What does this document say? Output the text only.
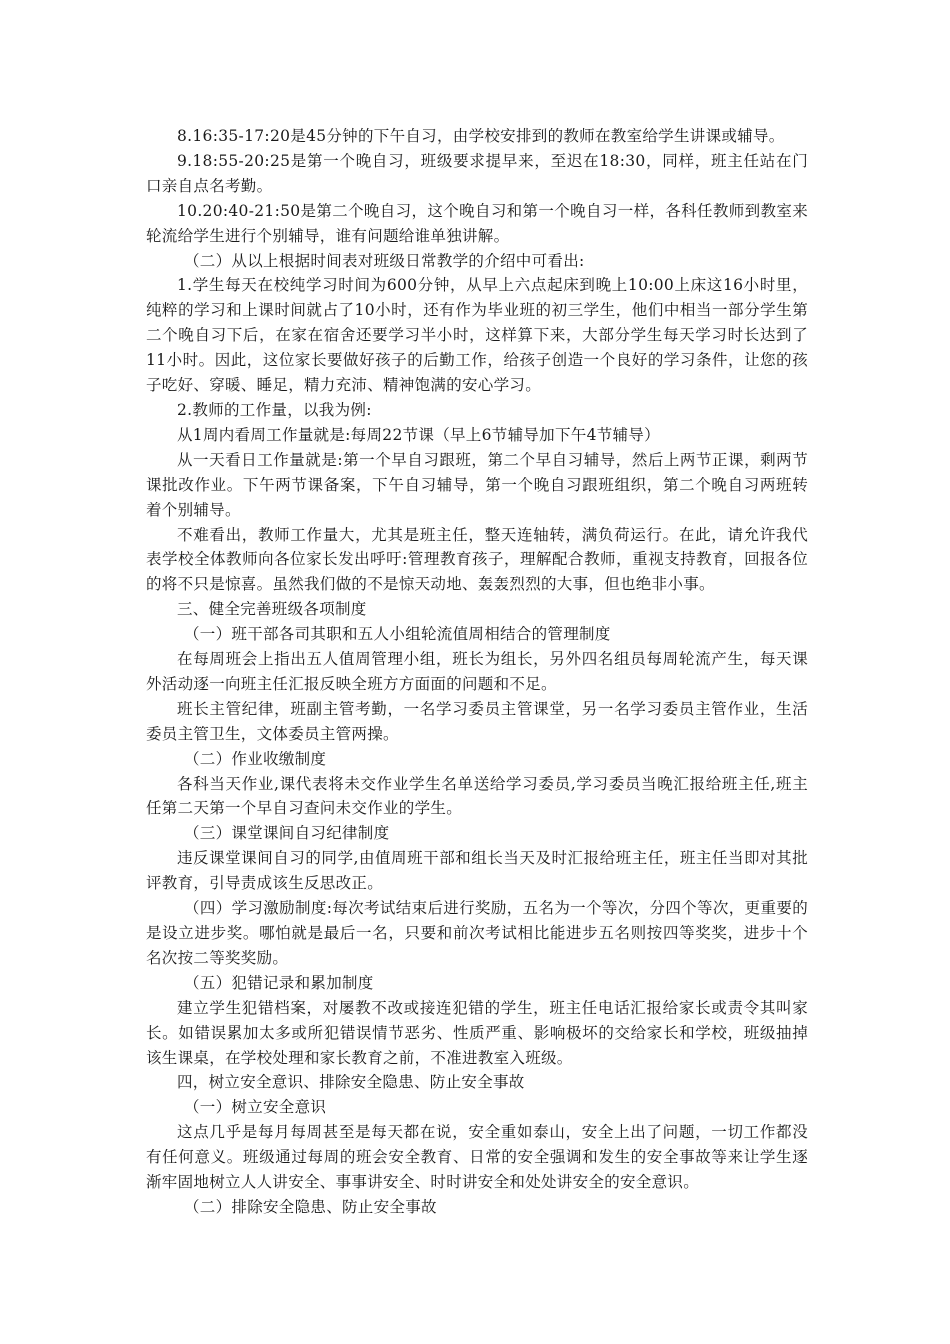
8.16:35-17:20是45分钟的下午自习，由学校安排到的教师在教室给学生讲课或辅导。

9.18:55-20:25是第一个晚自习，班级要求提早来，至迟在18:30，同样，班主任站在门口亲自点名考勤。

10.20:40-21:50是第二个晚自习，这个晚自习和第一个晚自习一样，各科任教师到教室来轮流给学生进行个别辅导，谁有问题给谁单独讲解。

（二）从以上根据时间表对班级日常教学的介绍中可看出:

1.学生每天在校纯学习时间为600分钟，从早上六点起床到晚上10:00上床这16小时里，纯粹的学习和上课时间就占了10小时，还有作为毕业班的初三学生，他们中相当一部分学生第二个晚自习下后，在家在宿舍还要学习半小时，这样算下来，大部分学生每天学习时长达到了11小时。因此，这位家长要做好孩子的后勤工作，给孩子创造一个良好的学习条件，让您的孩子吃好、穿暖、睡足，精力充沛、精神饱满的安心学习。

2.教师的工作量，以我为例:

从1周内看周工作量就是:每周22节课（早上6节辅导加下午4节辅导）

从一天看日工作量就是:第一个早自习跟班，第二个早自习辅导，然后上两节正课，剩两节课批改作业。下午两节课备案，下午自习辅导，第一个晚自习跟班组织，第二个晚自习两班转着个别辅导。

不难看出，教师工作量大，尤其是班主任，整天连轴转，满负荷运行。在此，请允许我代表学校全体教师向各位家长发出呼吁:管理教育孩子，理解配合教师，重视支持教育，回报各位的将不只是惊喜。虽然我们做的不是惊天动地、轰轰烈烈的大事，但也绝非小事。

三、健全完善班级各项制度

（一）班干部各司其职和五人小组轮流值周相结合的管理制度

在每周班会上指出五人值周管理小组，班长为组长，另外四名组员每周轮流产生，每天课外活动逐一向班主任汇报反映全班方方面面的问题和不足。

班长主管纪律，班副主管考勤，一名学习委员主管课堂，另一名学习委员主管作业，生活委员主管卫生，文体委员主管两操。

（二）作业收缴制度

各科当天作业,课代表将未交作业学生名单送给学习委员,学习委员当晚汇报给班主任,班主任第二天第一个早自习查问未交作业的学生。

（三）课堂课间自习纪律制度

违反课堂课间自习的同学,由值周班干部和组长当天及时汇报给班主任，班主任当即对其批评教育，引导责成该生反思改正。

（四）学习激励制度:每次考试结束后进行奖励，五名为一个等次，分四个等次，更重要的是设立进步奖。哪怕就是最后一名，只要和前次考试相比能进步五名则按四等奖奖，进步十个名次按二等奖奖励。

（五）犯错记录和累加制度

建立学生犯错档案，对屡教不改或接连犯错的学生，班主任电话汇报给家长或责令其叫家长。如错误累加太多或所犯错误情节恶劣、性质严重、影响极坏的交给家长和学校，班级抽掉该生课桌，在学校处理和家长教育之前，不准进教室入班级。

四，树立安全意识、排除安全隐患、防止安全事故

（一）树立安全意识

这点几乎是每月每周甚至是每天都在说，安全重如泰山，安全上出了问题，一切工作都没有任何意义。班级通过每周的班会安全教育、日常的安全强调和发生的安全事故等来让学生逐渐牢固地树立人人讲安全、事事讲安全、时时讲安全和处处讲安全的安全意识。

（二）排除安全隐患、防止安全事故
